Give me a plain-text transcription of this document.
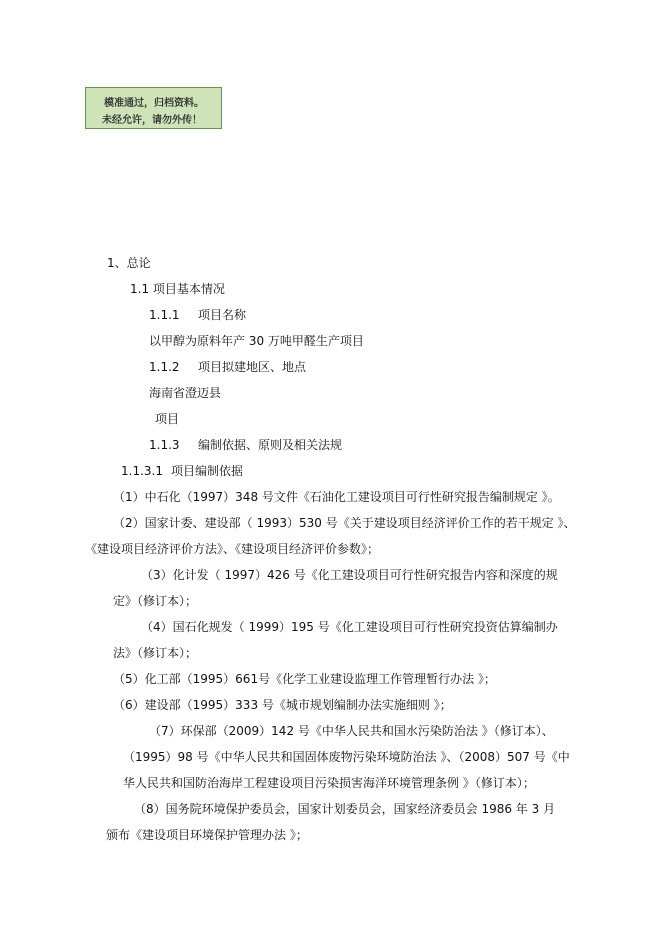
模准通过，归档资料。
未经允许，请勿外传！
1、总论
1.1 项目基本情况
1.1.1 项目名称
以甲醇为原料年产 30 万吨甲醛生产项目
1.1.2 项目拟建地区、地点
海南省澄迈县
项目
1.1.3 编制依据、原则及相关法规
1.1.3.1 项目编制依据
（1）中石化（1997）348 号文件《石油化工建设项目可行性研究报告编制规定 》。
（2）国家计委、建设部（ 1993）530 号《关于建设项目经济评价工作的若干规定 》、
《建设项目经济评价方法》、《建设项目经济评价参数》；
（3）化计发（ 1997）426 号《化工建设项目可行性研究报告内容和深度的规
定》（修订本）；
（4）国石化规发（ 1999）195 号《化工建设项目可行性研究投资估算编制办
法》（修订本）；
（5）化工部（1995）661号《化学工业建设监理工作管理暂行办法 》；
（6）建设部（1995）333 号《城市规划编制办法实施细则 》；
（7）环保部（2009）142 号《中华人民共和国水污染防治法 》（修订本）、
（1995）98 号《中华人民共和国固体废物污染环境防治法 》、（2008）507 号《中
华人民共和国防治海岸工程建设项目污染损害海洋环境管理条例 》（修订本）；
（8）国务院环境保护委员会，国家计划委员会，国家经济委员会 1986 年 3 月
颁布《建设项目环境保护管理办法 》；
